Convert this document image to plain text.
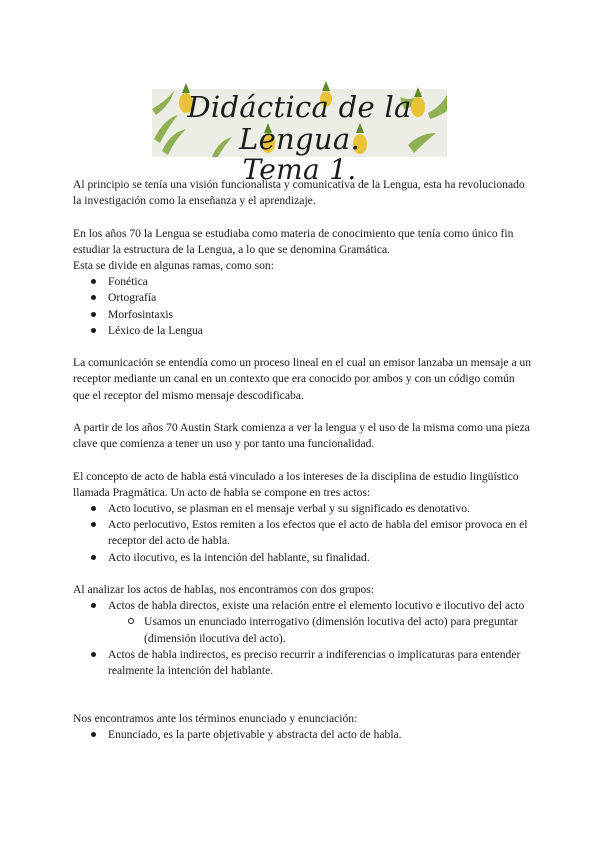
Didáctica de la Lengua.
Tema 1.

Al principio se tenía una visión funcionalista y comunicativa de la Lengua, esta ha revolucionado la investigación como la enseñanza y el aprendizaje.

En los años 70 la Lengua se estudiaba como materia de conocimiento que tenía como único fin estudiar la estructura de la Lengua, a lo que se denomina Gramática.

Esta se divide en algunas ramas, como son:

Fonética
Ortografía
Morfosintaxis
Léxico de la Lengua

La comunicación se entendía como un proceso lineal en el cual un emisor lanzaba un mensaje a un receptor mediante un canal en un contexto que era conocido por ambos y con un código común que el receptor del mismo mensaje descodificaba.

A partir de los años 70 Austin Stark comienza a ver la lengua y el uso de la misma como una pieza clave que comienza a tener un uso y por tanto una funcionalidad.

El concepto de acto de habla está vinculado a los intereses de la disciplina de estudio lingüístico llamada Pragmática. Un acto de habla se compone en tres actos:

Acto locutivo, se plasman en el mensaje verbal y su significado es denotativo.
Acto perlocutivo, Estos remiten a los efectos que el acto de habla del emisor provoca en el receptor del acto de habla.
Acto ilocutivo, es la intención del hablante, su finalidad.

Al analizar los actos de hablas, nos encontramos con dos grupos:

Actos de habla directos, existe una relación entre el elemento locutivo e ilocutivo del acto
Usamos un enunciado interrogativo (dimensión locutiva del acto) para preguntar (dimensión ilocutiva del acto).
Actos de habla indirectos, es preciso recurrir a indiferencias o implicaturas para entender realmente la intención del hablante.

Nos encontramos ante los términos enunciado y enunciación:

Enunciado, es la parte objetivable y abstracta del acto de habla.
